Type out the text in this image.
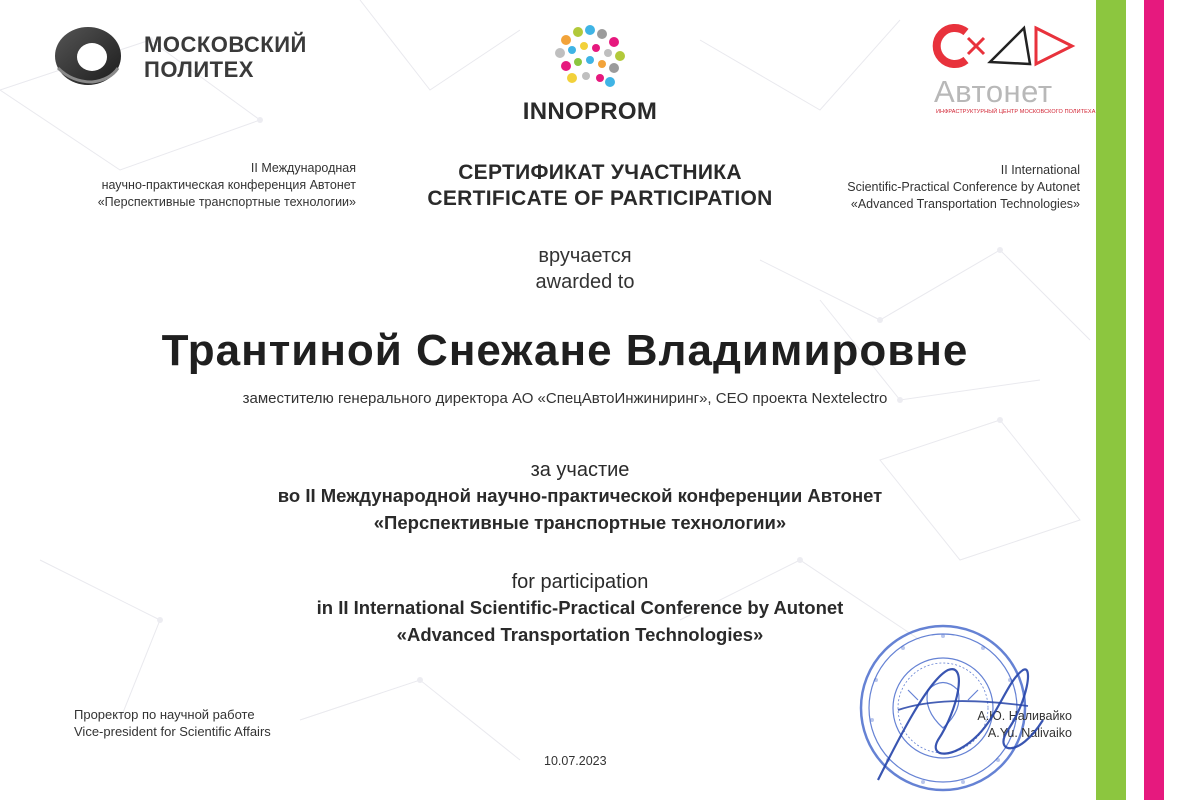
МОСКОВСКИЙ
ПОЛИТЕХ
INNOPROM
Автонет
ИНФРАСТРУКТУРНЫЙ ЦЕНТР МОСКОВСКОГО ПОЛИТЕХА
II Международная
научно-практическая конференция Автонет
«Перспективные транспортные технологии»
СЕРТИФИКАТ УЧАСТНИКА
CERTIFICATE OF PARTICIPATION
II International
Scientific-Practical Conference by Autonet
«Advanced Transportation Technologies»
вручается
awarded to
Трантиной Снежане Владимировне
заместителю генерального директора АО «СпецАвтоИнжиниринг», CEO проекта Nextelectro
за участие
во II Международной научно-практической конференции Автонет
«Перспективные транспортные технологии»
for participation
in II International Scientific-Practical Conference by Autonet
«Advanced Transportation Technologies»
Проректор по научной работе
Vice-president for Scientific Affairs
10.07.2023
А.Ю. Наливайко
A.Yu. Nalivaiko
